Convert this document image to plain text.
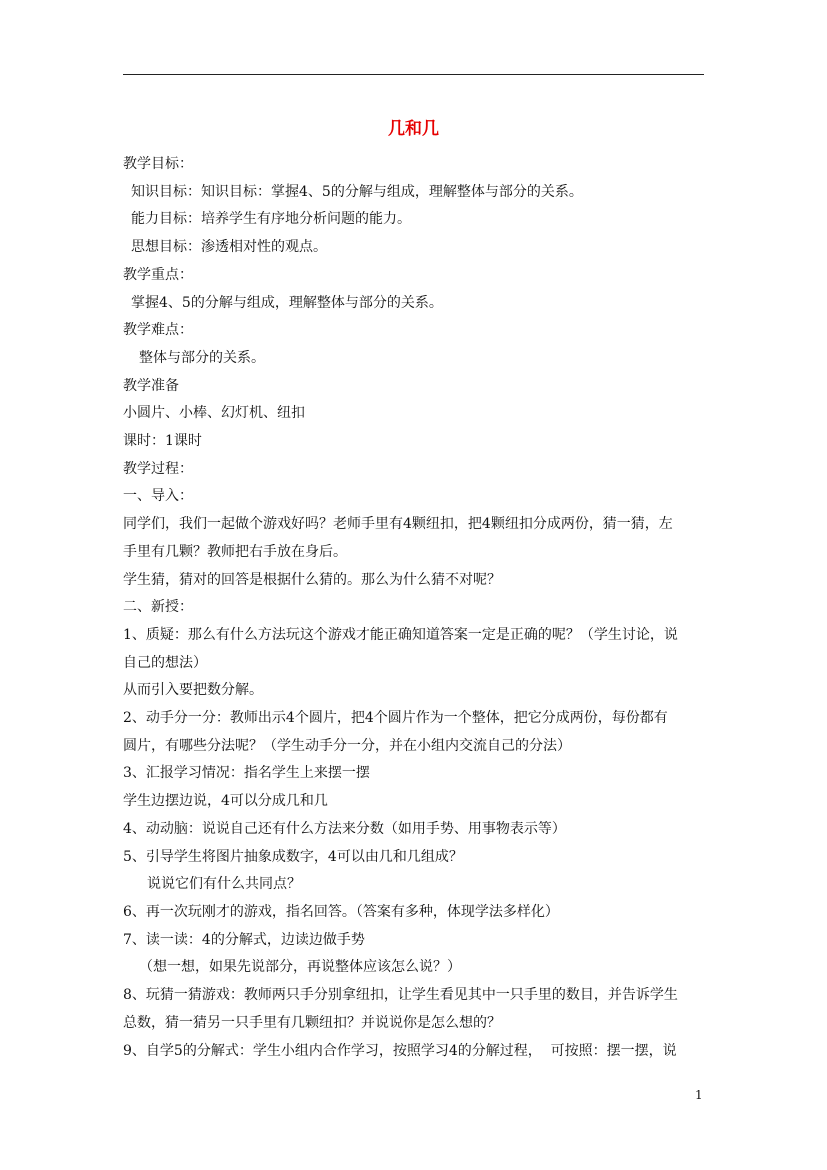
几和几

教学目标：

知识目标：知识目标：掌握4、5的分解与组成，理解整体与部分的关系。

能力目标：培养学生有序地分析问题的能力。

思想目标：渗透相对性的观点。

教学重点：

掌握4、5的分解与组成，理解整体与部分的关系。

教学难点：

整体与部分的关系。

教学准备

小圆片、小棒、幻灯机、纽扣

课时：1课时

教学过程：

一、导入：

同学们，我们一起做个游戏好吗？老师手里有4颗纽扣，把4颗纽扣分成两份，猜一猜，左

手里有几颗？教师把右手放在身后。

学生猜，猜对的回答是根据什么猜的。那么为什么猜不对呢？

二、新授：

1、质疑：那么有什么方法玩这个游戏才能正确知道答案一定是正确的呢？（学生讨论，说

自己的想法）

从而引入要把数分解。

2、动手分一分：教师出示4个圆片，把4个圆片作为一个整体，把它分成两份，每份都有

圆片，有哪些分法呢？（学生动手分一分，并在小组内交流自己的分法）

3、汇报学习情况：指名学生上来摆一摆

学生边摆边说，4可以分成几和几

4、动动脑：说说自己还有什么方法来分数（如用手势、用事物表示等）

5、引导学生将图片抽象成数字，4可以由几和几组成？

说说它们有什么共同点？

6、再一次玩刚才的游戏，指名回答。（答案有多种，体现学法多样化）

7、读一读：4的分解式，边读边做手势

（想一想，如果先说部分，再说整体应该怎么说？）

8、玩猜一猜游戏：教师两只手分别拿纽扣，让学生看见其中一只手里的数目，并告诉学生

总数，猜一猜另一只手里有几颗纽扣？并说说你是怎么想的？

9、自学5的分解式：学生小组内合作学习，按照学习4的分解过程，  可按照：摆一摆，说

1
